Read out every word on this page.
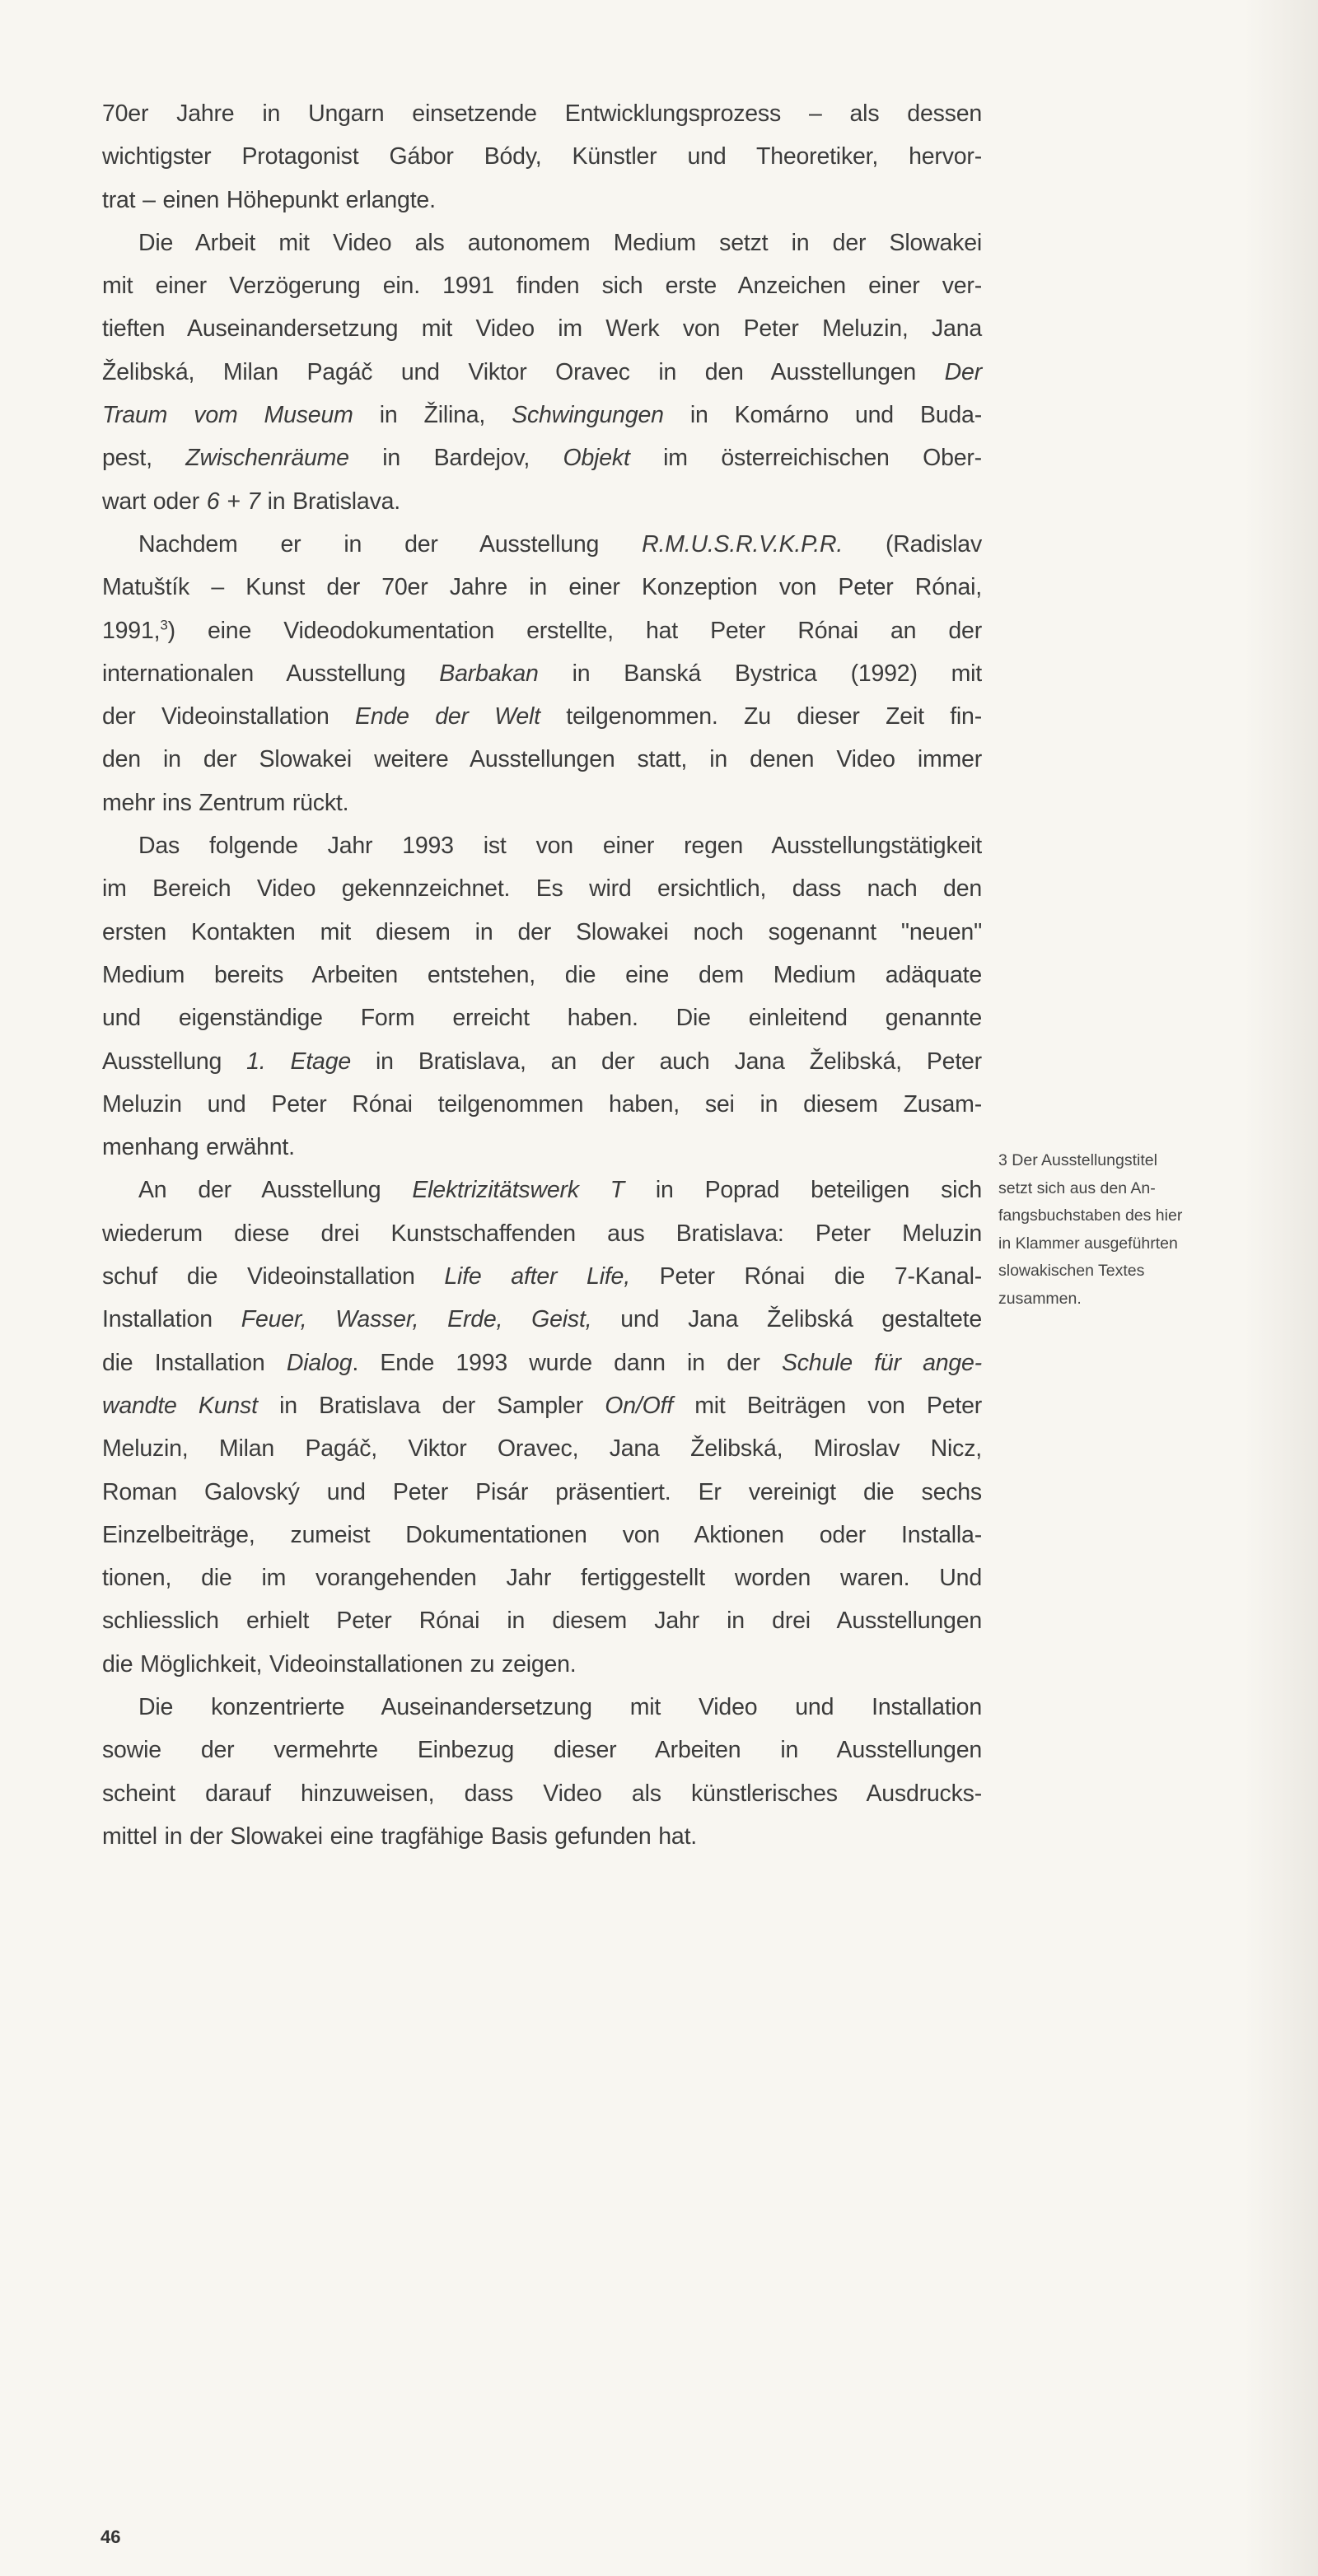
70er Jahre in Ungarn einsetzende Entwicklungsprozess – als dessen
wichtigster Protagonist Gábor Bódy, Künstler und Theoretiker, hervor-
trat – einen Höhepunkt erlangte.
Die Arbeit mit Video als autonomem Medium setzt in der Slowakei
mit einer Verzögerung ein. 1991 finden sich erste Anzeichen einer ver-
tieften Auseinandersetzung mit Video im Werk von Peter Meluzin, Jana
Želibská, Milan Pagáč und Viktor Oravec in den Ausstellungen Der
Traum vom Museum in Žilina, Schwingungen in Komárno und Buda-
pest, Zwischenräume in Bardejov, Objekt im österreichischen Ober-
wart oder 6 + 7 in Bratislava.
Nachdem er in der Ausstellung R.M.U.S.R.V.K.P.R. (Radislav
Matuštík – Kunst der 70er Jahre in einer Konzeption von Peter Rónai,
1991,$^3$) eine Videodokumentation erstellte, hat Peter Rónai an der
internationalen Ausstellung Barbakan in Banská Bystrica (1992) mit
der Videoinstallation Ende der Welt teilgenommen. Zu dieser Zeit fin-
den in der Slowakei weitere Ausstellungen statt, in denen Video immer
mehr ins Zentrum rückt.
Das folgende Jahr 1993 ist von einer regen Ausstellungstätigkeit
im Bereich Video gekennzeichnet. Es wird ersichtlich, dass nach den
ersten Kontakten mit diesem in der Slowakei noch sogenannt "neuen"
Medium bereits Arbeiten entstehen, die eine dem Medium adäquate
und eigenständige Form erreicht haben. Die einleitend genannte
Ausstellung 1. Etage in Bratislava, an der auch Jana Želibská, Peter
Meluzin und Peter Rónai teilgenommen haben, sei in diesem Zusam-
menhang erwähnt.
An der Ausstellung Elektrizitätswerk T in Poprad beteiligen sich
wiederum diese drei Kunstschaffenden aus Bratislava: Peter Meluzin
schuf die Videoinstallation Life after Life, Peter Rónai die 7-Kanal-
Installation Feuer, Wasser, Erde, Geist, und Jana Želibská gestaltete
die Installation Dialog. Ende 1993 wurde dann in der Schule für ange-
wandte Kunst in Bratislava der Sampler On/Off mit Beiträgen von Peter
Meluzin, Milan Pagáč, Viktor Oravec, Jana Želibská, Miroslav Nicz,
Roman Galovský und Peter Pisár präsentiert. Er vereinigt die sechs
Einzelbeiträge, zumeist Dokumentationen von Aktionen oder Installa-
tionen, die im vorangehenden Jahr fertiggestellt worden waren. Und
schliesslich erhielt Peter Rónai in diesem Jahr in drei Ausstellungen
die Möglichkeit, Videoinstallationen zu zeigen.
Die konzentrierte Auseinandersetzung mit Video und Installation
sowie der vermehrte Einbezug dieser Arbeiten in Ausstellungen
scheint darauf hinzuweisen, dass Video als künstlerisches Ausdrucks-
mittel in der Slowakei eine tragfähige Basis gefunden hat.
3 Der Ausstellungstitel
setzt sich aus den An-
fangsbuchstaben des hier
in Klammer ausgeführten
slowakischen Textes
zusammen.
46
